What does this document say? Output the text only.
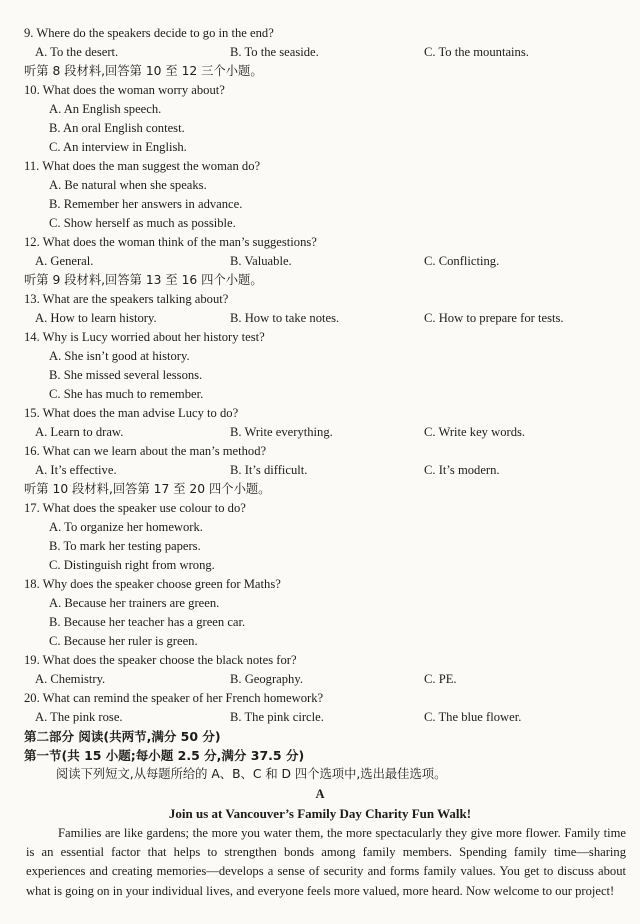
9. Where do the speakers decide to go in the end?
A. To the desert.	B. To the seaside.	C. To the mountains.
听第 8 段材料,回答第 10 至 12 三个小题。
10. What does the woman worry about?
A. An English speech.
B. An oral English contest.
C. An interview in English.
11. What does the man suggest the woman do?
A. Be natural when she speaks.
B. Remember her answers in advance.
C. Show herself as much as possible.
12. What does the woman think of the man’s suggestions?
A. General.	B. Valuable.	C. Conflicting.
听第 9 段材料,回答第 13 至 16 四个小题。
13. What are the speakers talking about?
A. How to learn history.	B. How to take notes.	C. How to prepare for tests.
14. Why is Lucy worried about her history test?
A. She isn’t good at history.
B. She missed several lessons.
C. She has much to remember.
15. What does the man advise Lucy to do?
A. Learn to draw.	B. Write everything.	C. Write key words.
16. What can we learn about the man’s method?
A. It’s effective.	B. It’s difficult.	C. It’s modern.
听第 10 段材料,回答第 17 至 20 四个小题。
17. What does the speaker use colour to do?
A. To organize her homework.
B. To mark her testing papers.
C. Distinguish right from wrong.
18. Why does the speaker choose green for Maths?
A. Because her trainers are green.
B. Because her teacher has a green car.
C. Because her ruler is green.
19. What does the speaker choose the black notes for?
A. Chemistry.	B. Geography.	C. PE.
20. What can remind the speaker of her French homework?
A. The pink rose.	B. The pink circle.	C. The blue flower.
第二部分 阅读(共两节,满分 50 分)
第一节(共 15 小题;每小题 2.5 分,满分 37.5 分)
阅读下列短文,从每题所给的 A、B、C 和 D 四个选项中,选出最佳选项。
A
Join us at Vancouver’s Family Day Charity Fun Walk!
Families are like gardens; the more you water them, the more spectacularly they give more flower. Family time is an essential factor that helps to strengthen bonds among family members. Spending family time—sharing experiences and creating memories—develops a sense of security and forms family values. You get to discuss about what is going on in your individual lives, and everyone feels more valued, more heard. Now welcome to our project!
